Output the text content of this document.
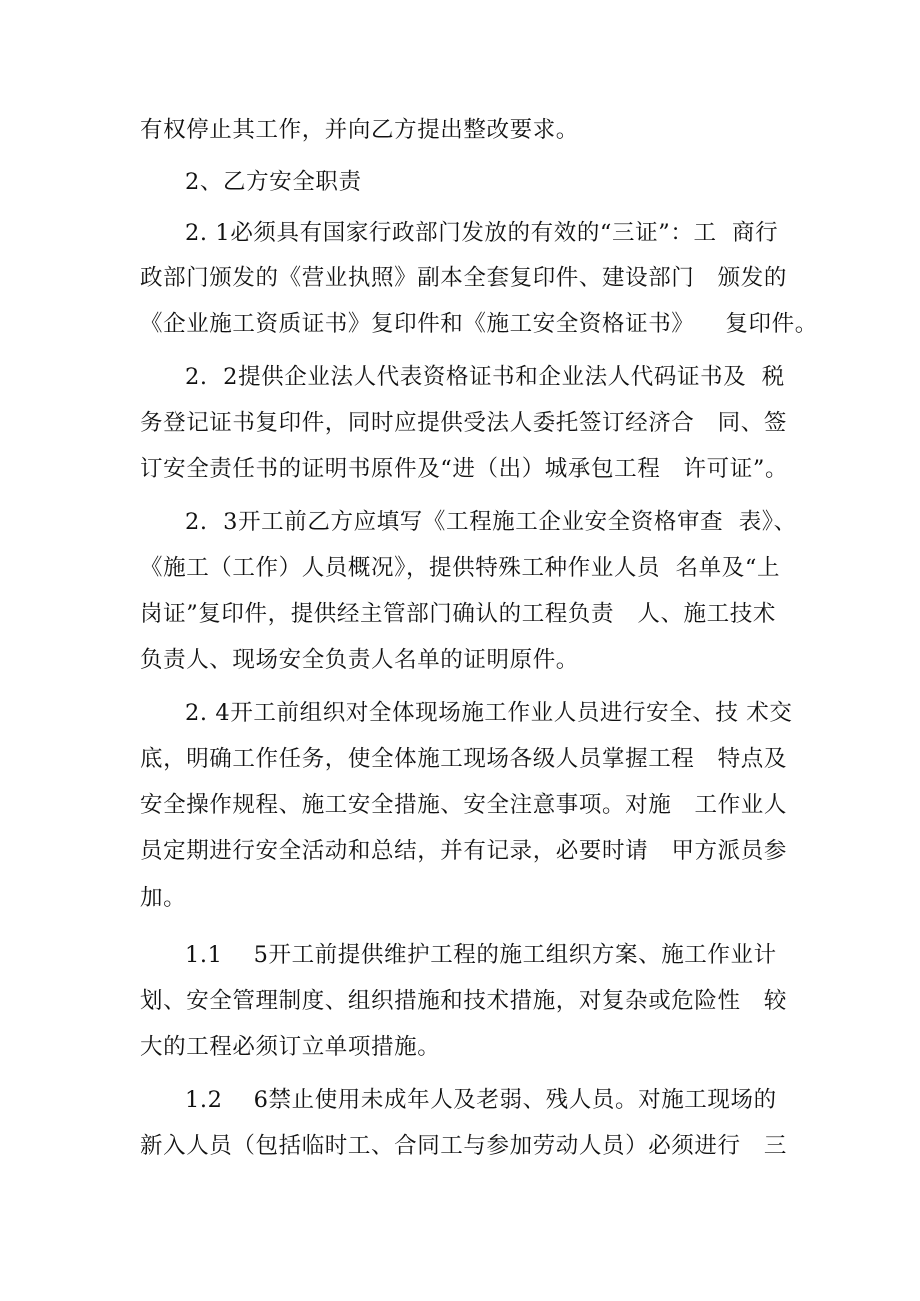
有权停止其工作，并向乙方提出整改要求。
2、乙方安全职责
2. 1必须具有国家行政部门发放的有效的“三证”：工  商行
政部门颁发的《营业执照》副本全套复印件、建设部门   颁发的
《企业施工资质证书》复印件和《施工安全资格证书》    复印件。
2.  2提供企业法人代表资格证书和企业法人代码证书及  税
务登记证书复印件，同时应提供受法人委托签订经济合   同、签
订安全责任书的证明书原件及“进（出）城承包工程   许可证”。
2.  3开工前乙方应填写《工程施工企业安全资格审查  表》、
《施工（工作）人员概况》，提供特殊工种作业人员  名单及“上
岗证”复印件，提供经主管部门确认的工程负责   人、施工技术
负责人、现场安全负责人名单的证明原件。
2. 4开工前组织对全体现场施工作业人员进行安全、技 术交
底，明确工作任务，使全体施工现场各级人员掌握工程   特点及
安全操作规程、施工安全措施、安全注意事项。对施   工作业人
员定期进行安全活动和总结，并有记录，必要时请   甲方派员参
加。
1.1    5开工前提供维护工程的施工组织方案、施工作业计
划、安全管理制度、组织措施和技术措施，对复杂或危险性   较
大的工程必须订立单项措施。
1.2    6禁止使用未成年人及老弱、残人员。对施工现场的
新入人员（包括临时工、合同工与参加劳动人员）必须进行   三
